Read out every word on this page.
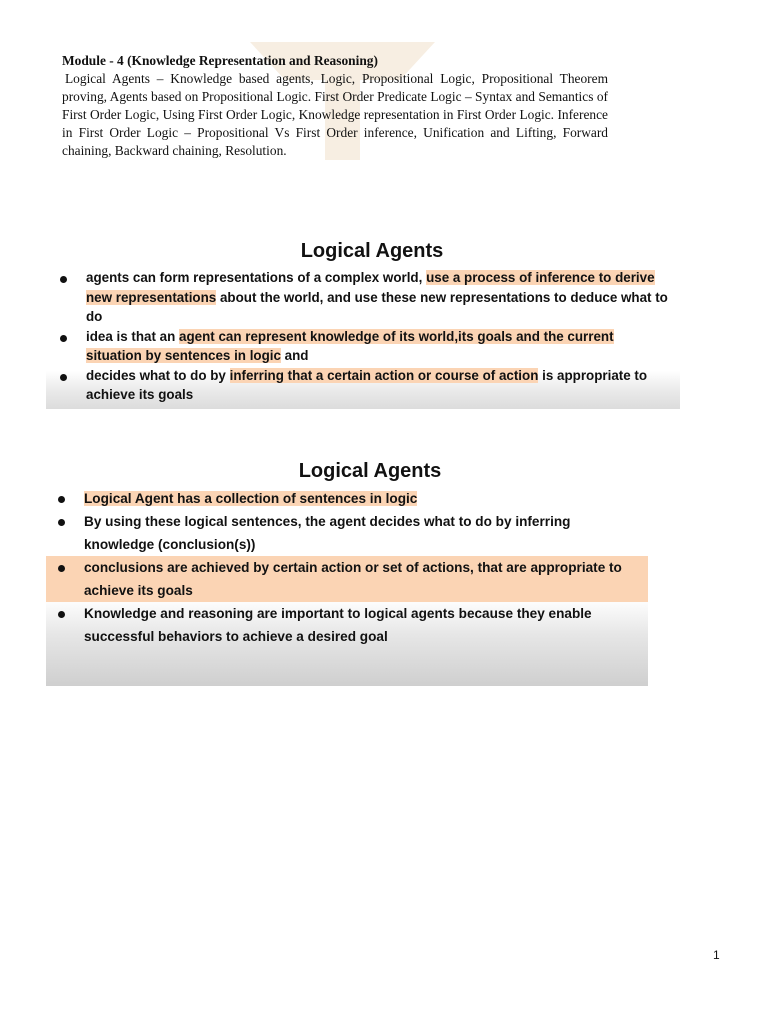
Module - 4 (Knowledge Representation and Reasoning)
Logical Agents – Knowledge based agents, Logic, Propositional Logic, Propositional Theorem proving, Agents based on Propositional Logic. First Order Predicate Logic – Syntax and Semantics of First Order Logic, Using First Order Logic, Knowledge representation in First Order Logic. Inference in First Order Logic – Propositional Vs First Order inference, Unification and Lifting, Forward chaining, Backward chaining, Resolution.
Logical Agents
agents can form representations of a complex world, use a process of inference to derive new representations about the world, and use these new representations to deduce what to do
idea is that an agent can represent knowledge of its world,its goals and the current situation by sentences in logic and
decides what to do by inferring that a certain action or course of action is appropriate to achieve its goals
Logical Agents
Logical Agent has a collection of sentences in logic
By using these logical sentences, the agent decides what to do by inferring knowledge (conclusion(s))
conclusions are achieved by certain action or set of actions, that are appropriate to achieve its goals
Knowledge and reasoning are important to logical agents because they enable successful behaviors to achieve a desired goal
1
